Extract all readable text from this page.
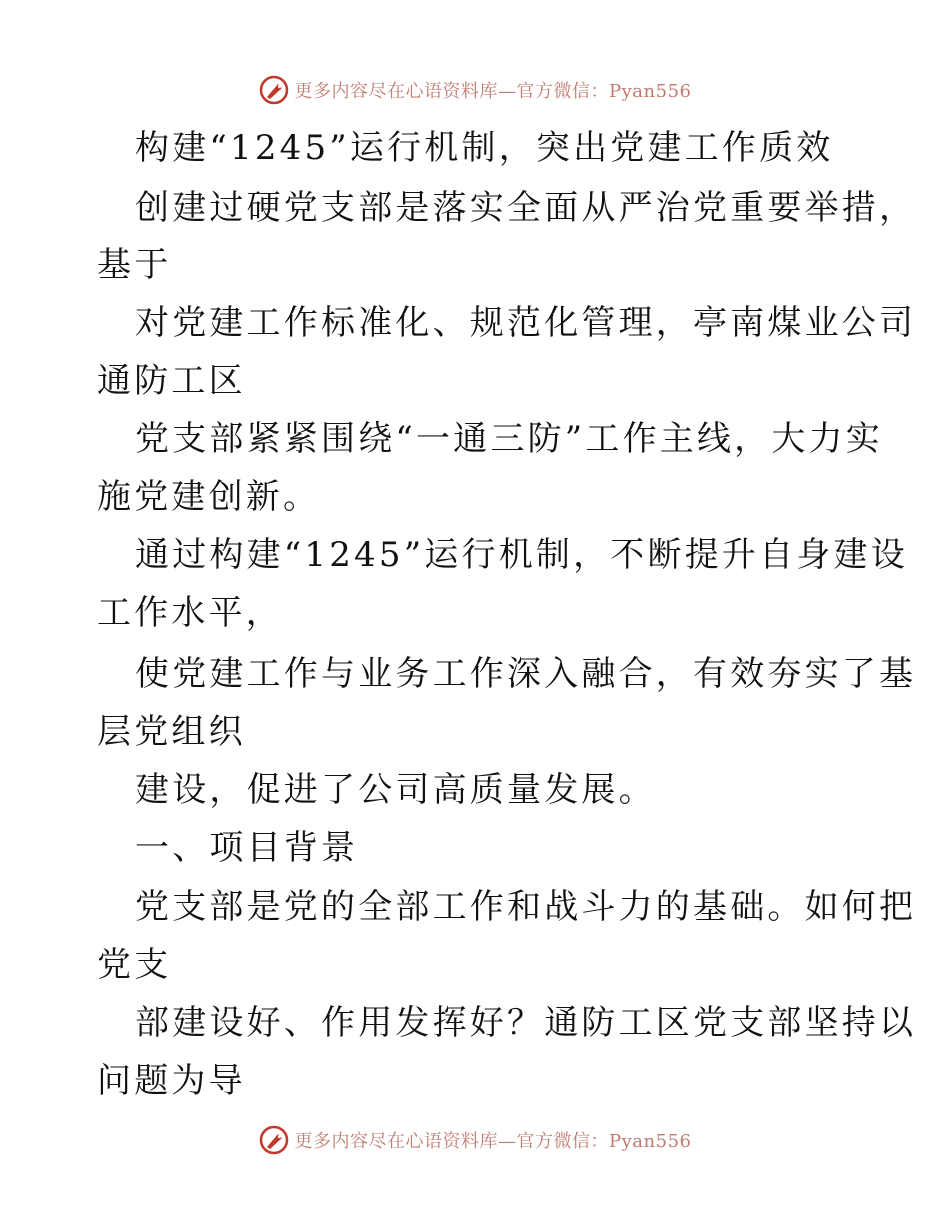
更多内容尽在心语资料库—官方微信：Pyan556
构建“1245”运行机制，突出党建工作质效
创建过硬党支部是落实全面从严治党重要举措，
基于
对党建工作标准化、规范化管理，亭南煤业公司
通防工区
党支部紧紧围绕“一通三防”工作主线，大力实
施党建创新。
通过构建“1245”运行机制，不断提升自身建设
工作水平，
使党建工作与业务工作深入融合，有效夯实了基
层党组织
建设，促进了公司高质量发展。
一、项目背景
党支部是党的全部工作和战斗力的基础。如何把
党支
部建设好、作用发挥好？通防工区党支部坚持以
问题为导
更多内容尽在心语资料库—官方微信：Pyan556
